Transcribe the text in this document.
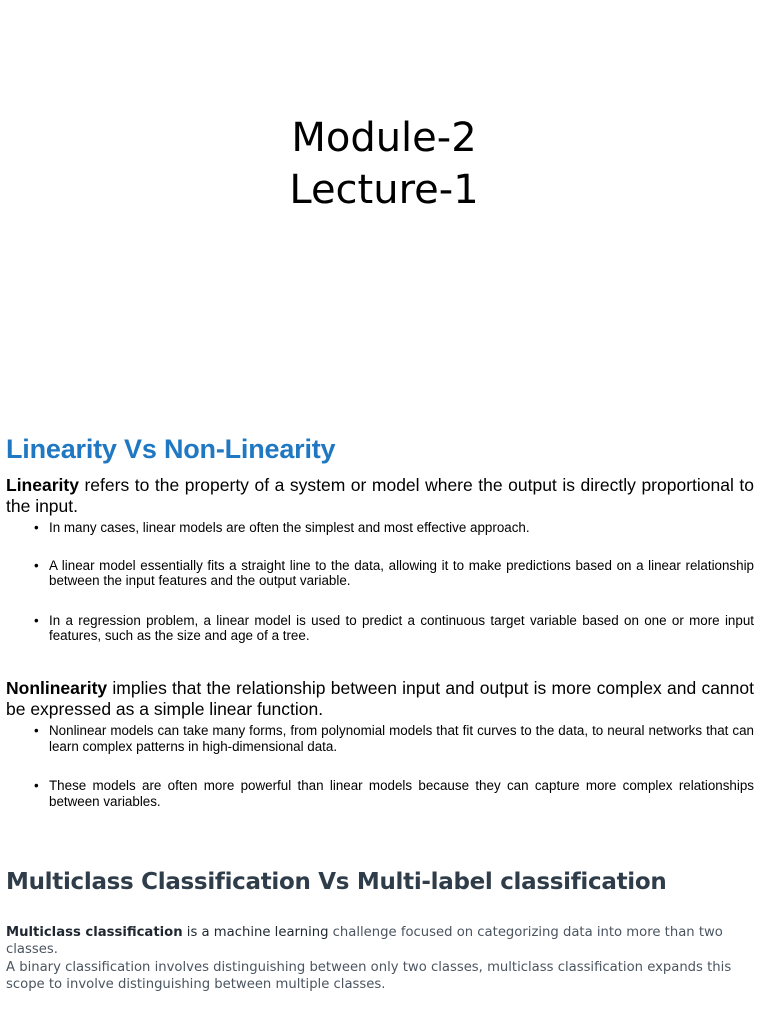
Module-2
Lecture-1
Linearity Vs Non-Linearity
Linearity refers to the property of a system or model where the output is directly proportional to the input.
• In many cases, linear models are often the simplest and most effective approach.
• A linear model essentially fits a straight line to the data, allowing it to make predictions based on a linear relationship between the input features and the output variable.
• In a regression problem, a linear model is used to predict a continuous target variable based on one or more input features, such as the size and age of a tree.
Nonlinearity implies that the relationship between input and output is more complex and cannot be expressed as a simple linear function.
• Nonlinear models can take many forms, from polynomial models that fit curves to the data, to neural networks that can learn complex patterns in high-dimensional data.
• These models are often more powerful than linear models because they can capture more complex relationships between variables.
Multiclass Classification Vs Multi-label classification
Multiclass classification is a machine learning challenge focused on categorizing data into more than two classes.
A binary classification involves distinguishing between only two classes, multiclass classification expands this scope to involve distinguishing between multiple classes.
